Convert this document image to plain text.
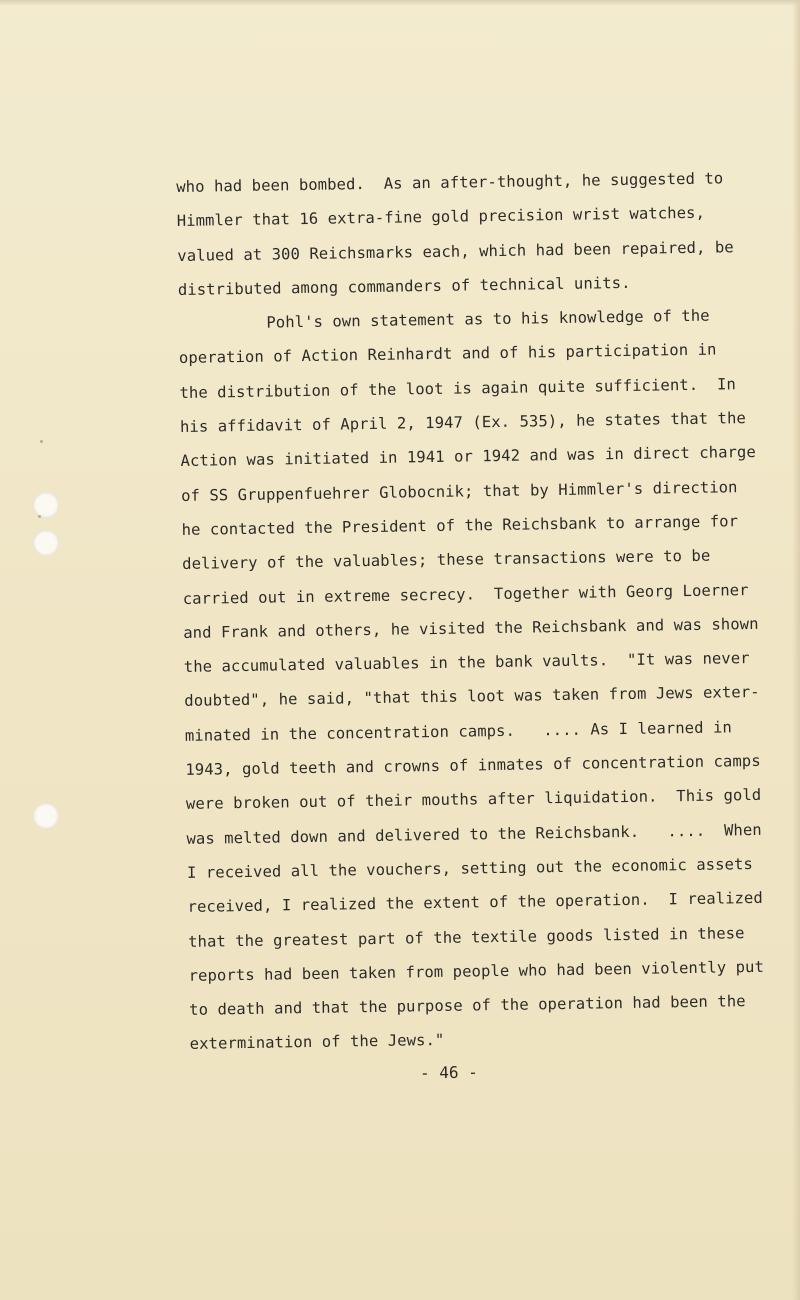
who had been bombed.  As an after-thought, he suggested to
Himmler that 16 extra-fine gold precision wrist watches,
valued at 300 Reichsmarks each, which had been repaired, be
distributed among commanders of technical units.
Pohl's own statement as to his knowledge of the
operation of Action Reinhardt and of his participation in
the distribution of the loot is again quite sufficient.  In
his affidavit of April 2, 1947 (Ex. 535), he states that the
Action was initiated in 1941 or 1942 and was in direct charge
of SS Gruppenfuehrer Globocnik; that by Himmler's direction
he contacted the President of the Reichsbank to arrange for
delivery of the valuables; these transactions were to be
carried out in extreme secrecy.  Together with Georg Loerner
and Frank and others, he visited the Reichsbank and was shown
the accumulated valuables in the bank vaults.  "It was never
doubted", he said, "that this loot was taken from Jews exter-
minated in the concentration camps.   .... As I learned in
1943, gold teeth and crowns of inmates of concentration camps
were broken out of their mouths after liquidation.  This gold
was melted down and delivered to the Reichsbank.   ....  When
I received all the vouchers, setting out the economic assets
received, I realized the extent of the operation.  I realized
that the greatest part of the textile goods listed in these
reports had been taken from people who had been violently put
to death and that the purpose of the operation had been the
extermination of the Jews."
- 46 -
